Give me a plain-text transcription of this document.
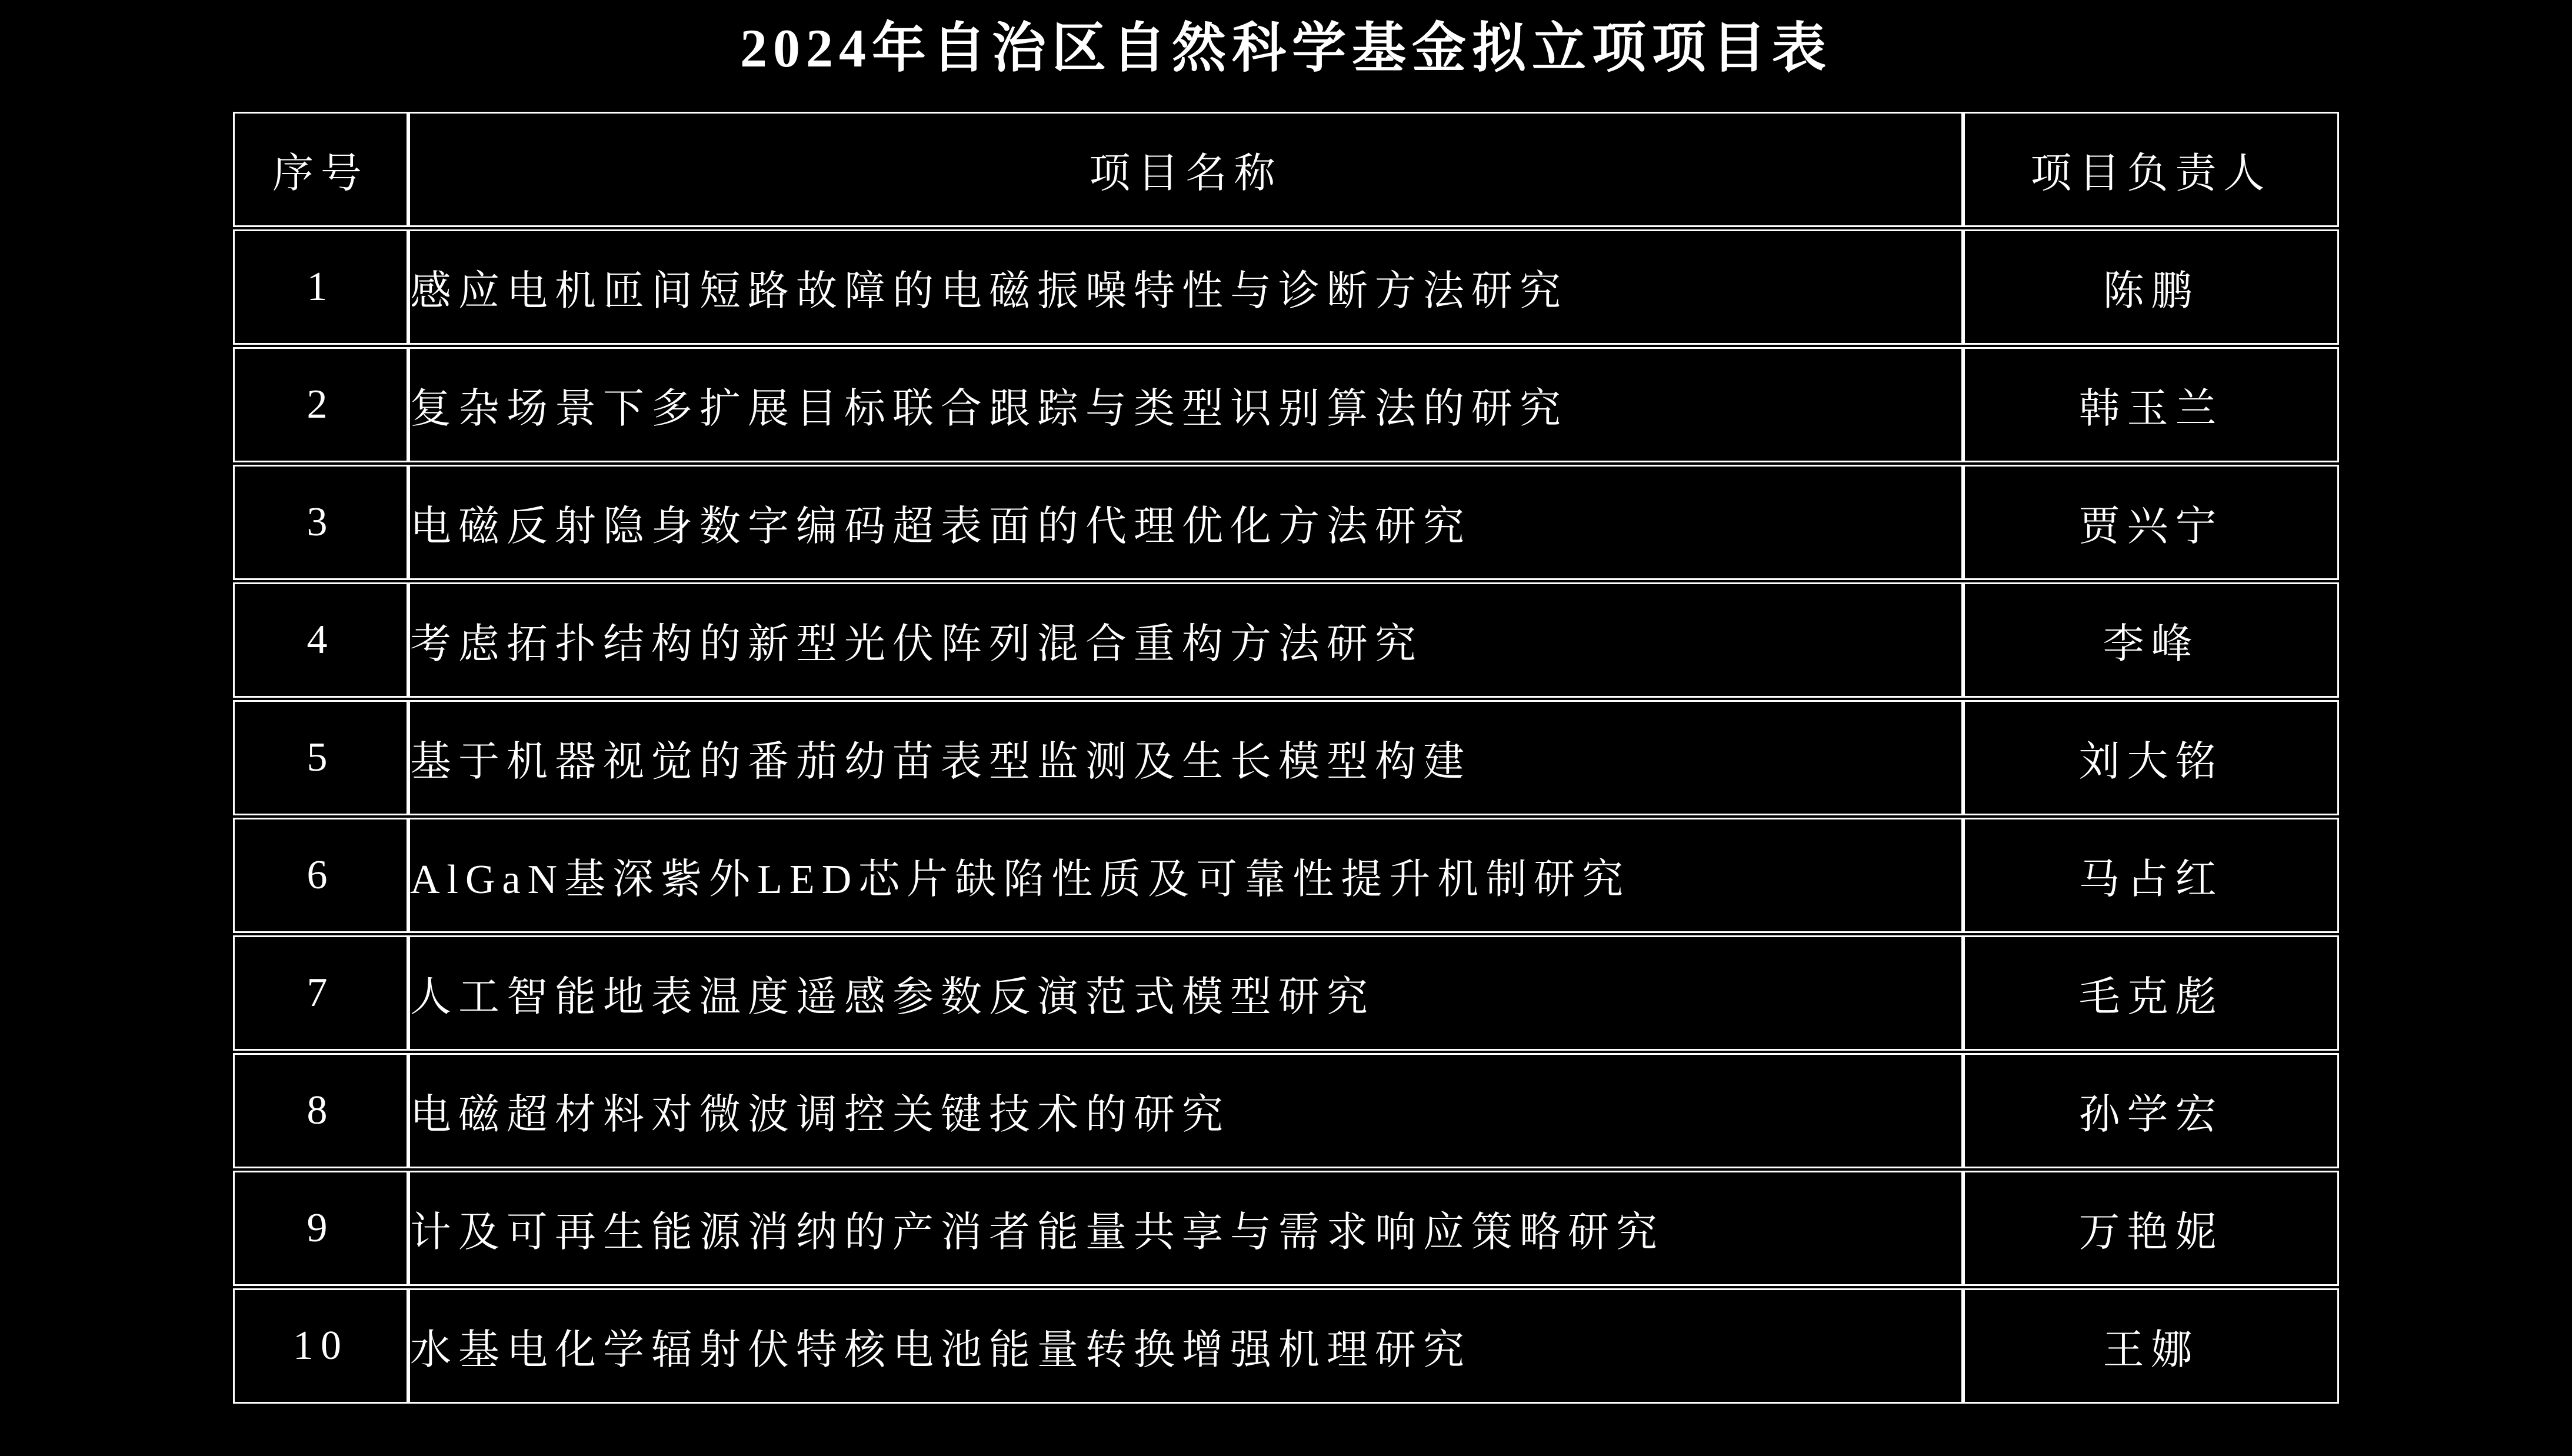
2024年自治区自然科学基金拟立项项目表
序号	项目名称	项目负责人
1	感应电机匝间短路故障的电磁振噪特性与诊断方法研究	陈鹏
2	复杂场景下多扩展目标联合跟踪与类型识别算法的研究	韩玉兰
3	电磁反射隐身数字编码超表面的代理优化方法研究	贾兴宁
4	考虑拓扑结构的新型光伏阵列混合重构方法研究	李峰
5	基于机器视觉的番茄幼苗表型监测及生长模型构建	刘大铭
6	AlGaN基深紫外LED芯片缺陷性质及可靠性提升机制研究	马占红
7	人工智能地表温度遥感参数反演范式模型研究	毛克彪
8	电磁超材料对微波调控关键技术的研究	孙学宏
9	计及可再生能源消纳的产消者能量共享与需求响应策略研究	万艳妮
10	水基电化学辐射伏特核电池能量转换增强机理研究	王娜
